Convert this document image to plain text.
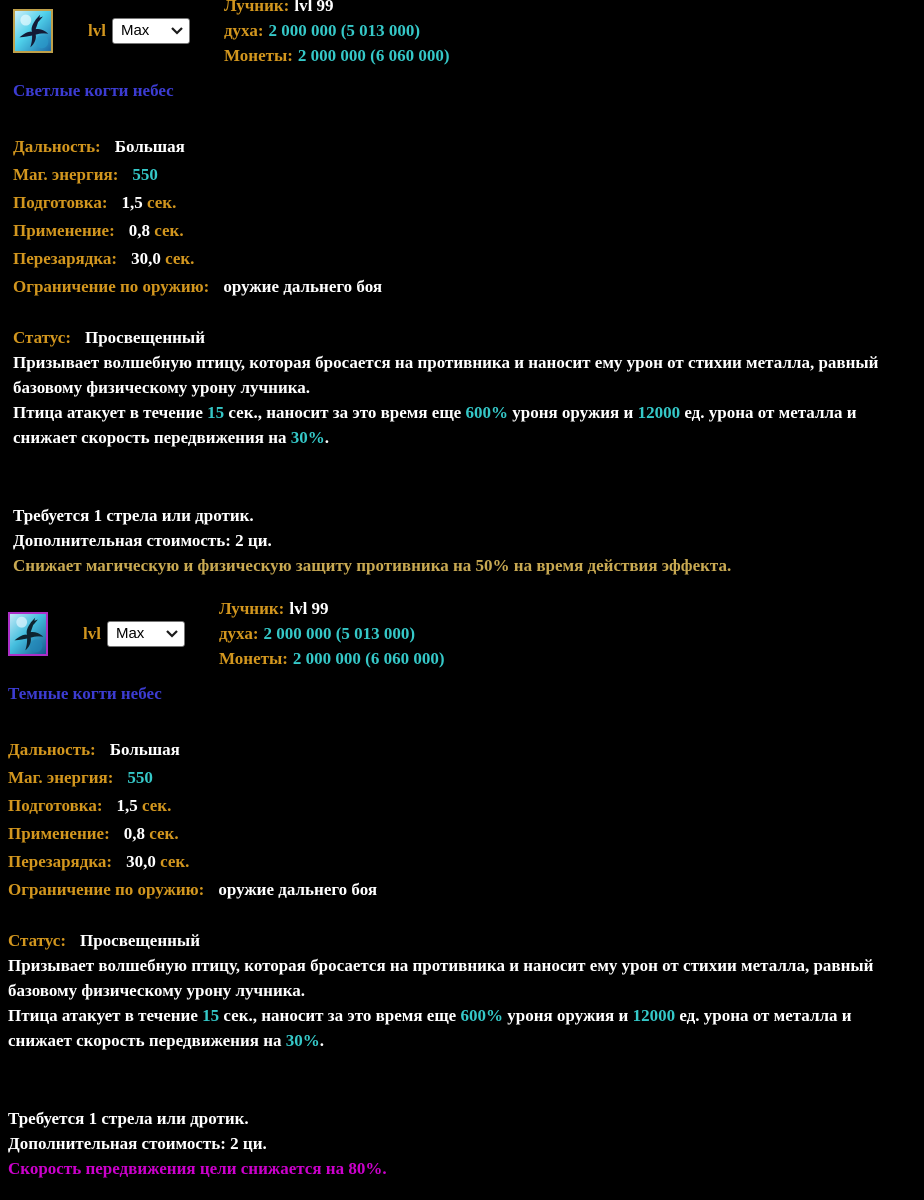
lvl Max
Лучник: lvl 99
духа: 2 000 000 (5 013 000)
Монеты: 2 000 000 (6 060 000)
Светлые когти небес
Дальность: Большая
Маг. энергия: 550
Подготовка: 1,5 сек.
Применение: 0,8 сек.
Перезарядка: 30,0 сек.
Ограничение по оружию: оружие дальнего боя
Статус: Просвещенный
Призывает волшебную птицу, которая бросается на противника и наносит ему урон от стихии металла, равный базовому физическому урону лучника.
Птица атакует в течение 15 сек., наносит за это время еще 600% уроня оружия и 12000 ед. урона от металла и снижает скорость передвижения на 30%.
Требуется 1 стрела или дротик.
Дополнительная стоимость: 2 ци.
Снижает магическую и физическую защиту противника на 50% на время действия эффекта.
lvl Max
Лучник: lvl 99
духа: 2 000 000 (5 013 000)
Монеты: 2 000 000 (6 060 000)
Темные когти небес
Дальность: Большая
Маг. энергия: 550
Подготовка: 1,5 сек.
Применение: 0,8 сек.
Перезарядка: 30,0 сек.
Ограничение по оружию: оружие дальнего боя
Статус: Просвещенный
Призывает волшебную птицу, которая бросается на противника и наносит ему урон от стихии металла, равный базовому физическому урону лучника.
Птица атакует в течение 15 сек., наносит за это время еще 600% уроня оружия и 12000 ед. урона от металла и снижает скорость передвижения на 30%.
Требуется 1 стрела или дротик.
Дополнительная стоимость: 2 ци.
Скорость передвижения цели снижается на 80%.
